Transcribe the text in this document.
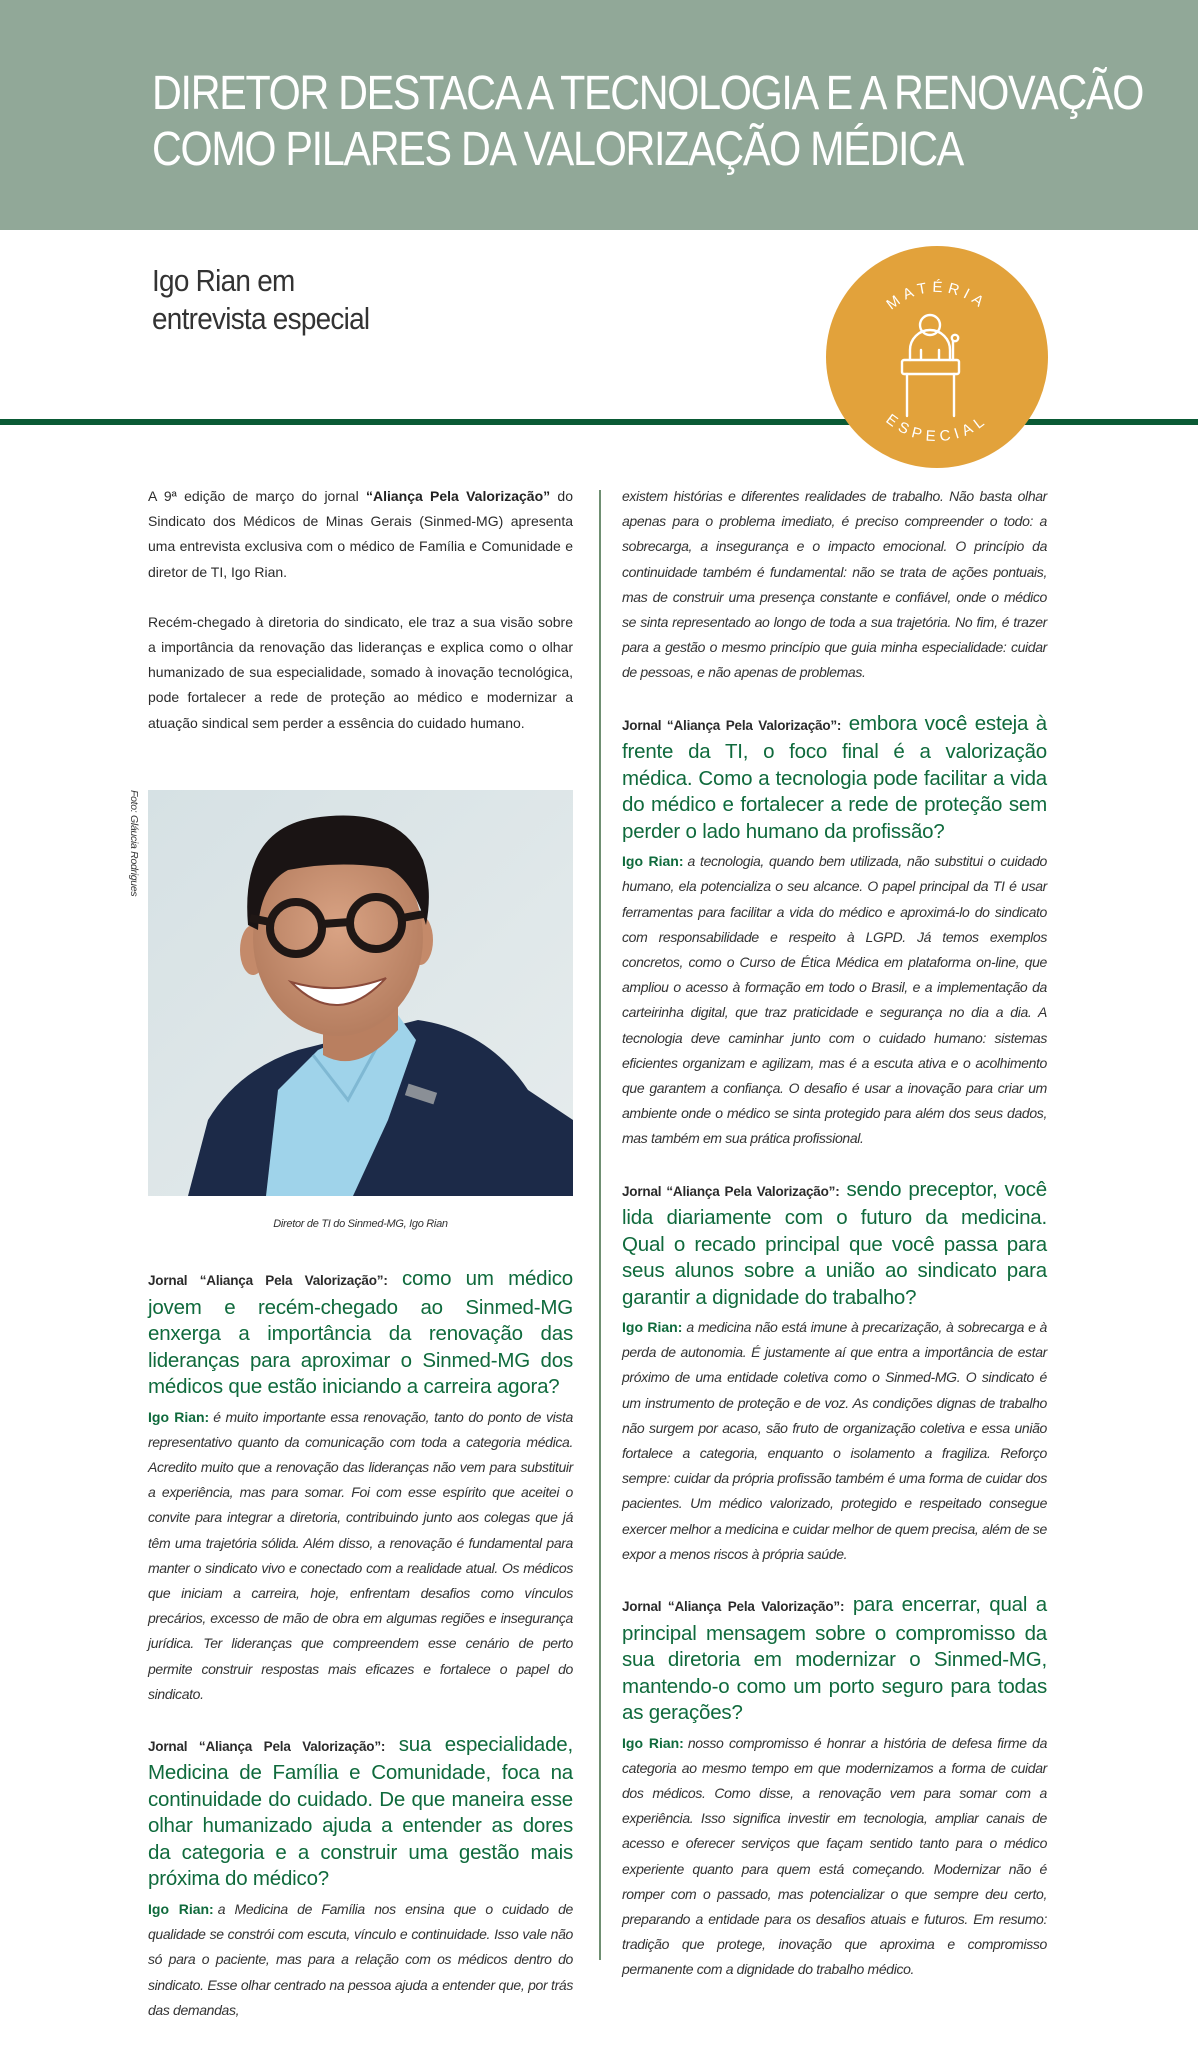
DIRETOR DESTACA A TECNOLOGIA E A RENOVAÇÃO
COMO PILARES DA VALORIZAÇÃO MÉDICA
Igo Rian em
entrevista especial	MATÉRIA
ESPECIAL

A 9ª edição de março do jornal “Aliança Pela Valorização” do Sindicato dos Médicos de Minas Gerais (Sinmed-MG) apresenta uma entrevista exclusiva com o médico de Família e Comunidade e diretor de TI, Igo Rian.

Recém-chegado à diretoria do sindicato, ele traz a sua visão sobre a importância da renovação das lideranças e explica como o olhar humanizado de sua especialidade, somado à inovação tecnológica, pode fortalecer a rede de proteção ao médico e modernizar a atuação sindical sem perder a essência do cuidado humano.

Foto: Gláucia Rodrigues
Diretor de TI do Sinmed-MG, Igo Rian

Jornal “Aliança Pela Valorização”: como um médico jovem e recém-chegado ao Sinmed-MG enxerga a importância da renovação das lideranças para aproximar o Sinmed-MG dos médicos que estão iniciando a carreira agora?

Igo Rian: é muito importante essa renovação, tanto do ponto de vista representativo quanto da comunicação com toda a categoria médica. Acredito muito que a renovação das lideranças não vem para substituir a experiência, mas para somar. Foi com esse espírito que aceitei o convite para integrar a diretoria, contribuindo junto aos colegas que já têm uma trajetória sólida. Além disso, a renovação é fundamental para manter o sindicato vivo e conectado com a realidade atual. Os médicos que iniciam a carreira, hoje, enfrentam desafios como vínculos precários, excesso de mão de obra em algumas regiões e insegurança jurídica. Ter lideranças que compreendem esse cenário de perto permite construir respostas mais eficazes e fortalece o papel do sindicato.

Jornal “Aliança Pela Valorização”: sua especialidade, Medicina de Família e Comunidade, foca na continuidade do cuidado. De que maneira esse olhar humanizado ajuda a entender as dores da categoria e a construir uma gestão mais próxima do médico?

Igo Rian: a Medicina de Família nos ensina que o cuidado de qualidade se constrói com escuta, vínculo e continuidade. Isso vale não só para o paciente, mas para a relação com os médicos dentro do sindicato. Esse olhar centrado na pessoa ajuda a entender que, por trás das demandas,

existem histórias e diferentes realidades de trabalho. Não basta olhar apenas para o problema imediato, é preciso compreender o todo: a sobrecarga, a insegurança e o impacto emocional. O princípio da continuidade também é fundamental: não se trata de ações pontuais, mas de construir uma presença constante e confiável, onde o médico se sinta representado ao longo de toda a sua trajetória. No fim, é trazer para a gestão o mesmo princípio que guia minha especialidade: cuidar de pessoas, e não apenas de problemas.

Jornal “Aliança Pela Valorização”: embora você esteja à frente da TI, o foco final é a valorização médica. Como a tecnologia pode facilitar a vida do médico e fortalecer a rede de proteção sem perder o lado humano da profissão?

Igo Rian: a tecnologia, quando bem utilizada, não substitui o cuidado humano, ela potencializa o seu alcance. O papel principal da TI é usar ferramentas para facilitar a vida do médico e aproximá-lo do sindicato com responsabilidade e respeito à LGPD. Já temos exemplos concretos, como o Curso de Ética Médica em plataforma on-line, que ampliou o acesso à formação em todo o Brasil, e a implementação da carteirinha digital, que traz praticidade e segurança no dia a dia. A tecnologia deve caminhar junto com o cuidado humano: sistemas eficientes organizam e agilizam, mas é a escuta ativa e o acolhimento que garantem a confiança. O desafio é usar a inovação para criar um ambiente onde o médico se sinta protegido para além dos seus dados, mas também em sua prática profissional.

Jornal “Aliança Pela Valorização”: sendo preceptor, você lida diariamente com o futuro da medicina. Qual o recado principal que você passa para seus alunos sobre a união ao sindicato para garantir a dignidade do trabalho?

Igo Rian: a medicina não está imune à precarização, à sobrecarga e à perda de autonomia. É justamente aí que entra a importância de estar próximo de uma entidade coletiva como o Sinmed-MG. O sindicato é um instrumento de proteção e de voz. As condições dignas de trabalho não surgem por acaso, são fruto de organização coletiva e essa união fortalece a categoria, enquanto o isolamento a fragiliza. Reforço sempre: cuidar da própria profissão também é uma forma de cuidar dos pacientes. Um médico valorizado, protegido e respeitado consegue exercer melhor a medicina e cuidar melhor de quem precisa, além de se expor a menos riscos à própria saúde.

Jornal “Aliança Pela Valorização”: para encerrar, qual a principal mensagem sobre o compromisso da sua diretoria em modernizar o Sinmed-MG, mantendo-o como um porto seguro para todas as gerações?

Igo Rian: nosso compromisso é honrar a história de defesa firme da categoria ao mesmo tempo em que modernizamos a forma de cuidar dos médicos. Como disse, a renovação vem para somar com a experiência. Isso significa investir em tecnologia, ampliar canais de acesso e oferecer serviços que façam sentido tanto para o médico experiente quanto para quem está começando. Modernizar não é romper com o passado, mas potencializar o que sempre deu certo, preparando a entidade para os desafios atuais e futuros. Em resumo: tradição que protege, inovação que aproxima e compromisso permanente com a dignidade do trabalho médico.
